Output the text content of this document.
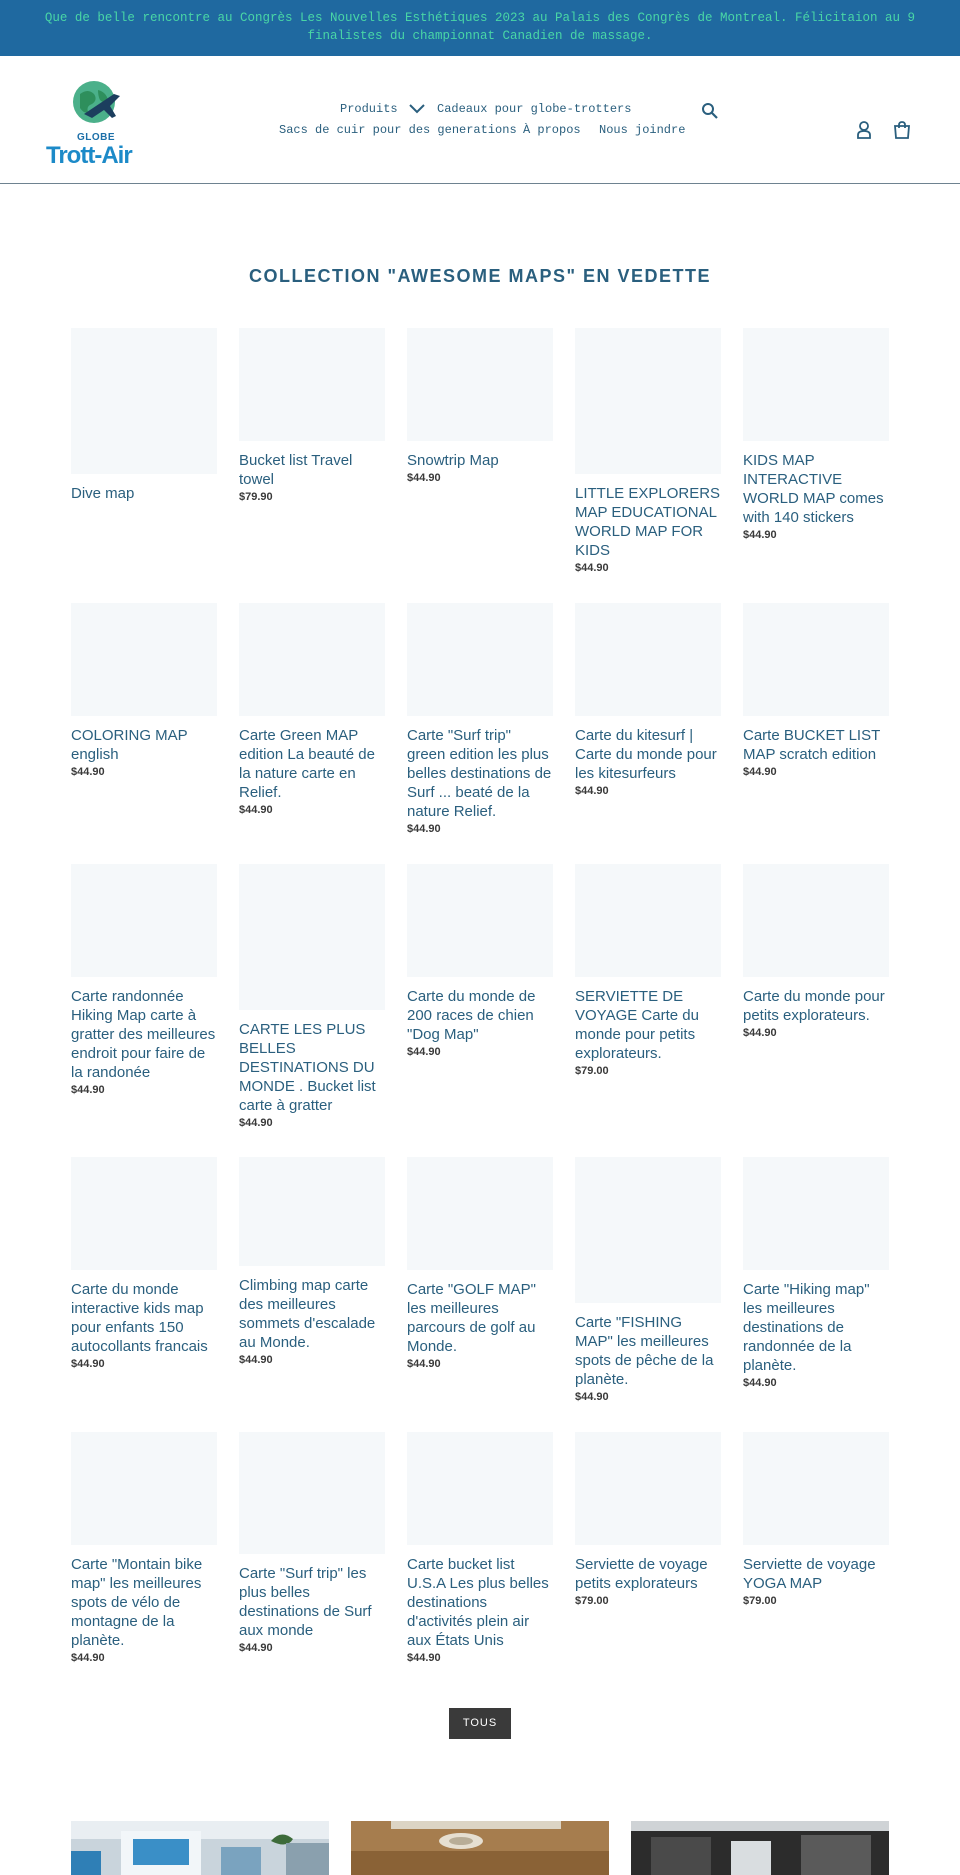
Que de belle rencontre au Congrès Les Nouvelles Esthétiques 2023 au Palais des Congrès de Montreal. Félicitaion au 9 finalistes du championnat Canadien de massage.
GLOBE
Trott-Air
Produits	Cadeaux pour globe-trotters
Sacs de cuir pour des generations À propos Nous joindre
COLLECTION "AWESOME MAPS" EN VEDETTE
Dive map
Bucket list Travel towel
$79.90
Snowtrip Map
$44.90
LITTLE EXPLORERS MAP EDUCATIONAL WORLD MAP FOR KIDS
$44.90
KIDS MAP INTERACTIVE WORLD MAP comes with 140 stickers
$44.90
COLORING MAP english
$44.90
Carte Green MAP edition La beauté de la nature carte en Relief.
$44.90
Carte "Surf trip" green edition les plus belles destinations de Surf ... beaté de la nature Relief.
$44.90
Carte du kitesurf | Carte du monde pour les kitesurfeurs
$44.90
Carte BUCKET LIST MAP scratch edition
$44.90
Carte randonnée Hiking Map carte à gratter des meilleures endroit pour faire de la randonée
$44.90
CARTE LES PLUS BELLES DESTINATIONS DU MONDE . Bucket list carte à gratter
$44.90
Carte du monde de 200 races de chien "Dog Map"
$44.90
SERVIETTE DE VOYAGE Carte du monde pour petits explorateurs.
$79.00
Carte du monde pour petits explorateurs.
$44.90
Carte du monde interactive kids map pour enfants 150 autocollants francais
$44.90
Climbing map carte des meilleures sommets d'escalade au Monde.
$44.90
Carte "GOLF MAP" les meilleures parcours de golf au Monde.
$44.90
Carte "FISHING MAP" les meilleures spots de pêche de la planète.
$44.90
Carte "Hiking map" les meilleures destinations de randonnée de la planète.
$44.90
Carte "Montain bike map" les meilleures spots de vélo de montagne de la planète.
$44.90
Carte "Surf trip" les plus belles destinations de Surf aux monde
$44.90
Carte bucket list U.S.A Les plus belles destinations d'activités plein air aux États Unis
$44.90
Serviette de voyage petits explorateurs
$79.00
Serviette de voyage YOGA MAP
$79.00
TOUS
